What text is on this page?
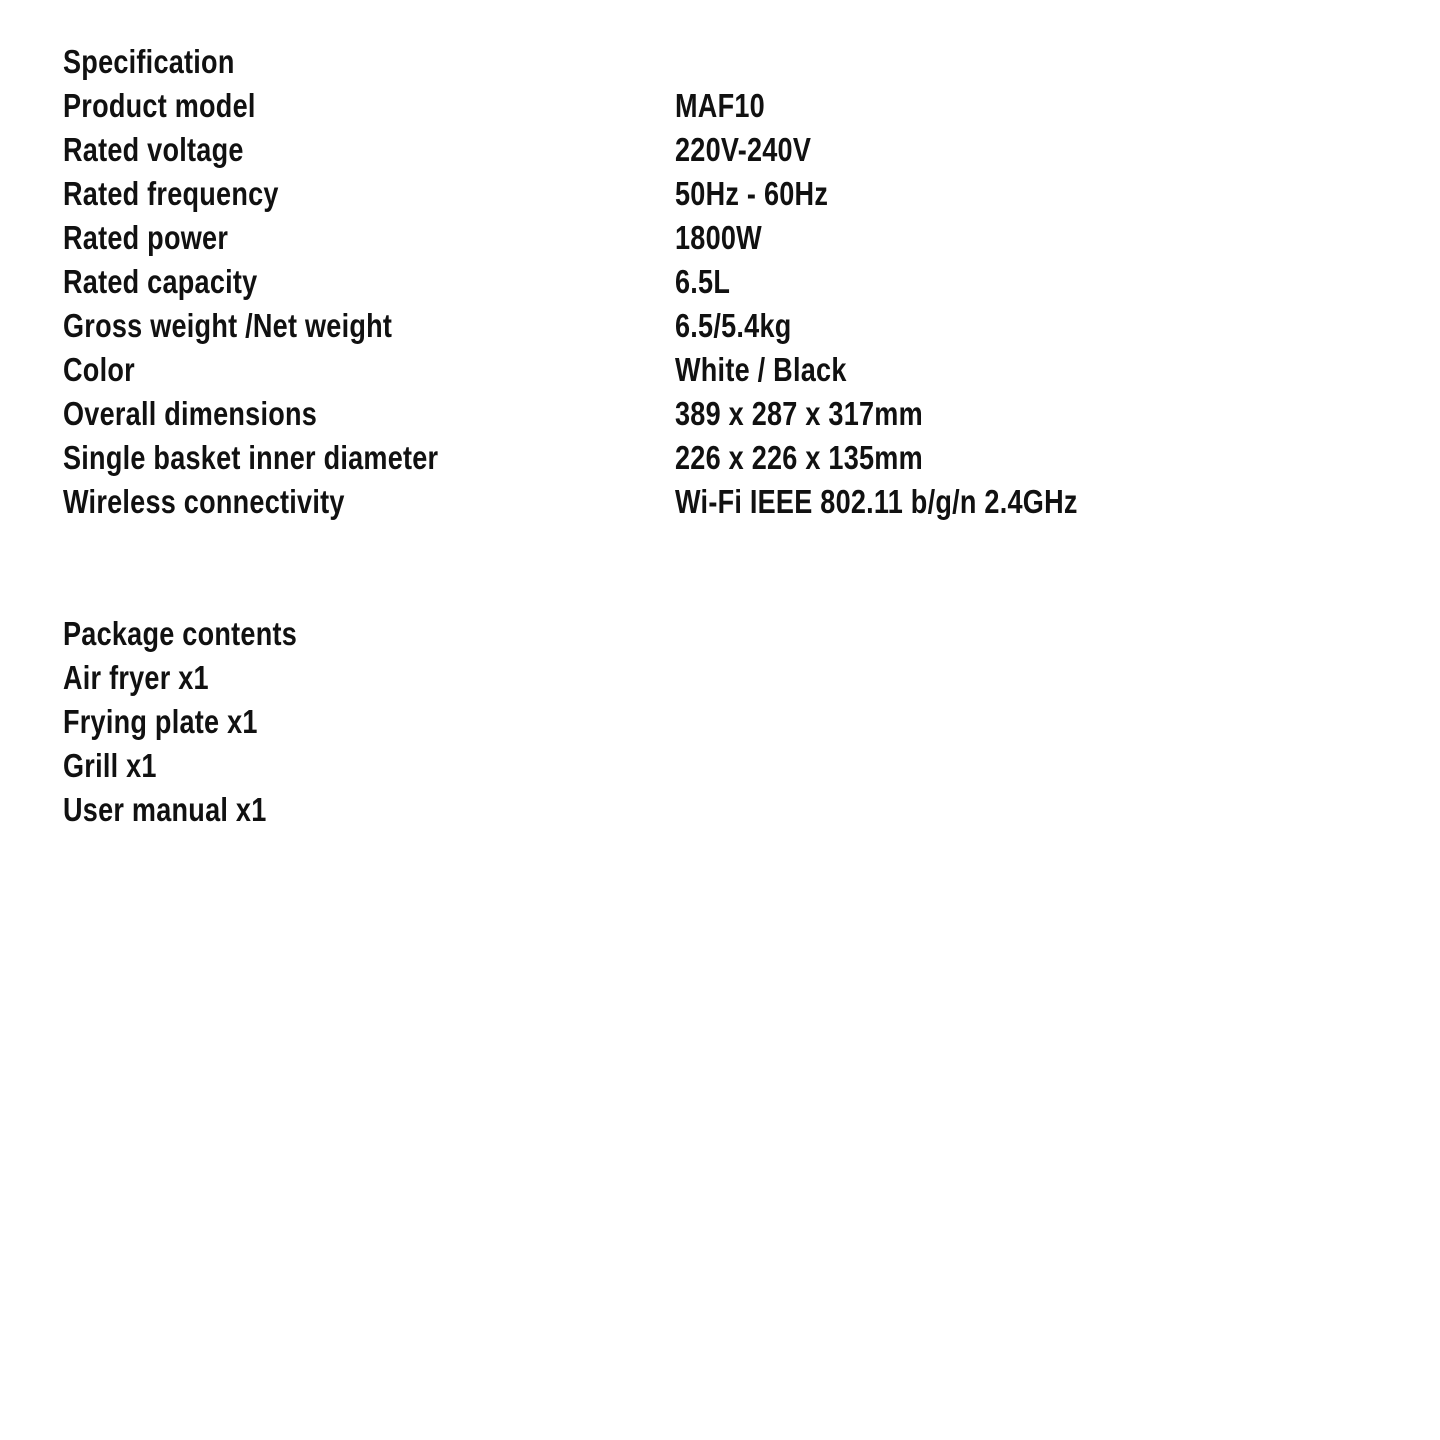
Specification
Product model	MAF10
Rated voltage	220V-240V
Rated frequency	50Hz - 60Hz
Rated power	1800W
Rated capacity	6.5L
Gross weight /Net weight	6.5/5.4kg
Color	White / Black
Overall dimensions	389 x 287 x 317mm
Single basket inner diameter	226 x 226 x 135mm
Wireless connectivity	Wi-Fi IEEE 802.11 b/g/n 2.4GHz
Package contents
Air fryer x1
Frying plate x1
Grill x1
User manual x1
